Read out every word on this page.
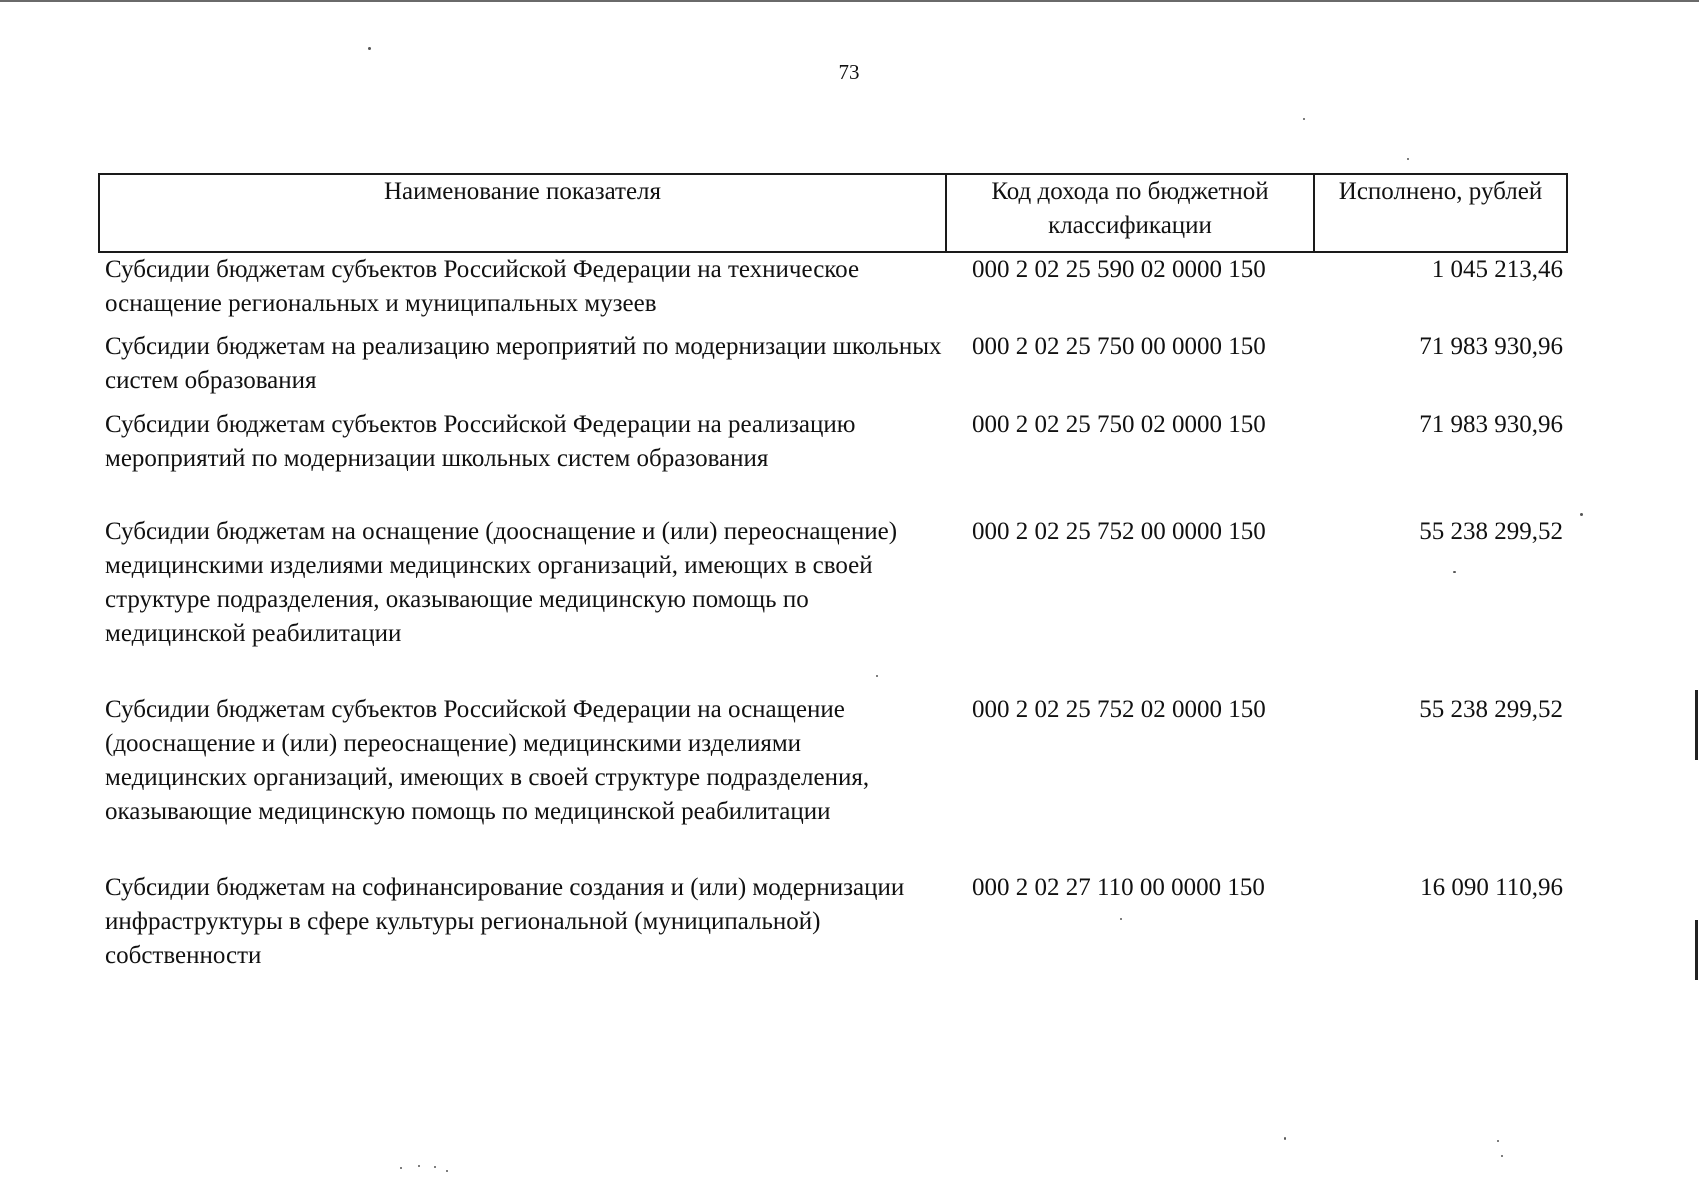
73
Наименование показателя	Код дохода по бюджетной классификации	Исполнено, рублей
Субсидии бюджетам субъектов Российской Федерации на техническое оснащение региональных и муниципальных музеев	000 2 02 25 590 02 0000 150	1 045 213,46
Субсидии бюджетам на реализацию мероприятий по модернизации школьных систем образования	000 2 02 25 750 00 0000 150	71 983 930,96
Субсидии бюджетам субъектов Российской Федерации на реализацию мероприятий по модернизации школьных систем образования	000 2 02 25 750 02 0000 150	71 983 930,96
Субсидии бюджетам на оснащение (дооснащение и (или) переоснащение) медицинскими изделиями медицинских организаций, имеющих в своей структуре подразделения, оказывающие медицинскую помощь по медицинской реабилитации	000 2 02 25 752 00 0000 150	55 238 299,52
Субсидии бюджетам субъектов Российской Федерации на оснащение (дооснащение и (или) переоснащение) медицинскими изделиями медицинских организаций, имеющих в своей структуре подразделения, оказывающие медицинскую помощь по медицинской реабилитации	000 2 02 25 752 02 0000 150	55 238 299,52
Субсидии бюджетам на софинансирование создания и (или) модернизации инфраструктуры в сфере культуры региональной (муниципальной) собственности	000 2 02 27 110 00 0000 150	16 090 110,96
